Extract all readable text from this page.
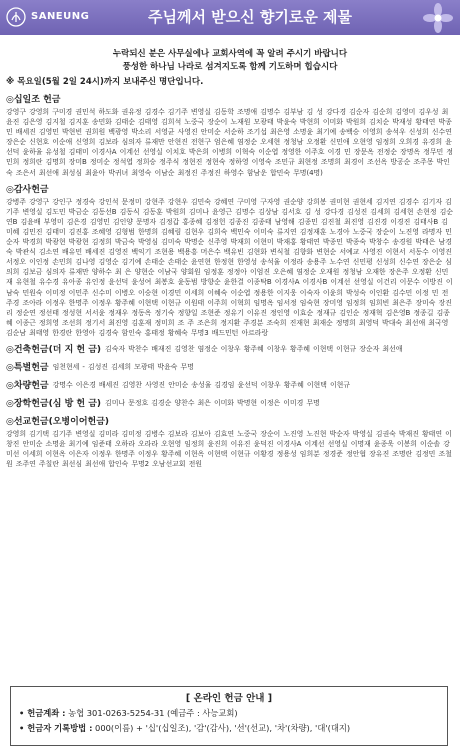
SANEUNG	주님께서 받으신 향기로운 제물

누락되신 분은 사무실에나 교회사역에 꼭 알려 주시기 바랍니다

풍성한 하나님 나라로 섬겨지도록 함께 기도하며 힙습시다

※ 목요일(5월 2일 24시)까지 보내주신 명단입니다.
◎십일조 헌금
강영구 강영희 구미경 권민석 하도화 권유정 김경수 김기주 변영실 김동학 조명애 김명수 김부남 김 성 강다경 김순자 김순희 김영미 김우성 최윤진 김은영 김지철 김지훈 송민화 김태순 김태영 김희석 노중국 장순이 노재원 모광태 박윤숙 박현희 이미화 박원희 김치순 박재성 황태연 박종민 배세진 김영민 박현빈 권희원 백광영 박소리 서영균 사영진 안미순 서순하 조기섭 최은영 소명윤 최기예 송백승 이영희 송석우 신성희 신수연 장은순 신현호 이순애 신영희 김보라 심의자 류재만 안현진 전현구 엄은혜 염정순 오세현 정청남 오정환 신민애 오현영 임정희 오희경 유경희 윤선덕 윤하율 유성철 김태미 이경사A 이계선 선영실 이치호 박은희 이병희 이혁숙 이순엽 정영한 이주호 이경 민 장문옥 전정순 장명옥 정무민 정민희 정희란 김명희 장미B 정미순 정석엽 정희승 정주식 정현진 정현숙 정하영 이영숙 조민규 최현정 조명희 최경이 조선옥 방공순 조주몽 박인숙 조은서 최선애 최성심 최윤아 박귀녀 최영숙 이남순 최정진 주정진 하영수 함남운 합민숙 무명(4명)
◎감사헌금
강병주 강영구 강인구 정경숙 강인석 문정미 강현주 강현우 김민숙 강혜연 구미영 구자영 권순양 강희봉 권미현 권현세 김지연 김경수 김기자 김기주 변영실 김도민 박금순 김동선B 김동식 김동훈 박원희 김미나 윤영근 김명수 김상남 김서호 김 성 강다경 김성진 김세희 김세현 손현정 김순연B 김윤배 부영미 김은경 김영민 김인양 문명자 김정갑 홍종혜 김정헌 김종진 김종태 남영해 김종민 김진철 최진영 김진경 이경진 김태사B 김미혜 김민진 김태미 김진홍 조혜영 김형범 한명희 김혜림 김현우 김희숙 백민숙 이미숙 류지연 김정재훈 노경아 노중국 장순이 노진영 라명자 민순자 박경희 박광현 박광현 김정희 박금숙 박영심 김미숙 박명순 신주영 박재희 이현미 박재홍 황태연 박종민 박종숙 박창수 송경원 박태은 남경숙 박관식 김소연 배유민 배세진 김영진 백익기 조현용 백용흥 머은수 백유빈 김현화 변식철 김향화 변현순 서예교 사영진 이현서 서동수 이영진 서정오 이인정 손민희 김나영 김영순 김기예 손태순 손태순 윤연현 한정현 한영성 송석율 이정라 송용주 노수연 신민평 신성희 신수연 장은순 심의희 김보금 심의자 류재만 양하수 최 은 양현순 이남국 양회원 임정훈 정정아 이엄진 오은혜 염정순 오재원 정청남 오재한 장은주 오정환 신민재 유현철 유수경 유아종 유인정 윤선덕 윤성여 최봉호 윤동범 방향순 윤한결 이종탁B 이경사A 이경사B 이계선 선영실 이건리 이문수 이방진 이남숙 민원숙 이미정 이민주 신수미 이병오 이승현 이경민 이세희 이혜숙 이순엽 정용한 이지웅 이숙자 이윤희 박성숙 이인환 김수민 이정 민 전주경 조아라 이정우 한명주 이정우 황주혜 이현택 이현규 이원태 이주희 이혁희 임명옥 임서정 임숙현 장미영 임정희 임희빈 최은주 장미숙 장진리 정순연 정선태 정성현 서서윤 정재우 정동옥 정기숙 정향일 조현준 정유기 이유진 정인영 이효순 정재규 김인순 정재혁 김은영B 정종길 김종혜 이종근 정희영 조선희 정기서 최진영 김훈재 정미희 조 주 조은희 정지환 주경분 조숙희 진재현 최재순 정명희 최영덕 박대숙 최선애 최국영 김순남 최태영 한경란 한영아 김경숙 함인숙 홍태정 황혜숙 무명3 배드민턴 아르라랑
◎건축헌금(더 지 헌 금) 김숙자 박찬수 배재진 김영찬 염정순 이창우 황주혜 이창우 황주혜 이현택 이현규 장순자 최선애
◎특별헌금 임천현세 - 김성진 김세희 모광태 박윤숙 무명
◎차량헌금 강명수 이은경 배세진 김영찬 사영진 안미순 송성율 김경임 윤선덕 이창우 황주혜 이현택 이현규
◎장학헌금(심 방 헌 금) 김미나 문정호 김경순 양찬수 최은 이미화 박명현 이정은 이미경 무명
◎선교헌금(오병이어헌금)
강영희 김기택 김기주 변영실 김미라 김미정 김병수 김보라 김보아 김효연 노중국 장순이 노진영 노진현 박순자 박영실 김권숙 박재진 황태연 이창진 안미순 소명윤 최기예 임준태 오하라 오라라 오현영 임정희 윤진희 이유진 윤덕진 이경사A 이계선 선영실 이명재 윤종욱 이봉희 이순솔 강미선 이세희 이현옥 이은자 이정우 한명주 이정우 황주혜 이현옥 이현택 이현규 이황경 정용성 임희분 정경준 정안협 장유진 조명란 김정민 조철원 조주연 주칠란 최선심 최선애 합인숙 무명2 오남선교회 전원
[ 온라인 헌금 안내 ]
• 헌금계좌 : 농협 301-0263-5254-31 (예금주 : 사능교회)
• 헌금자 기록방법 : 000(이름) + '십'(십일조), '감'(감사), '선'(선교), '차'(차량), '대'(대지)
